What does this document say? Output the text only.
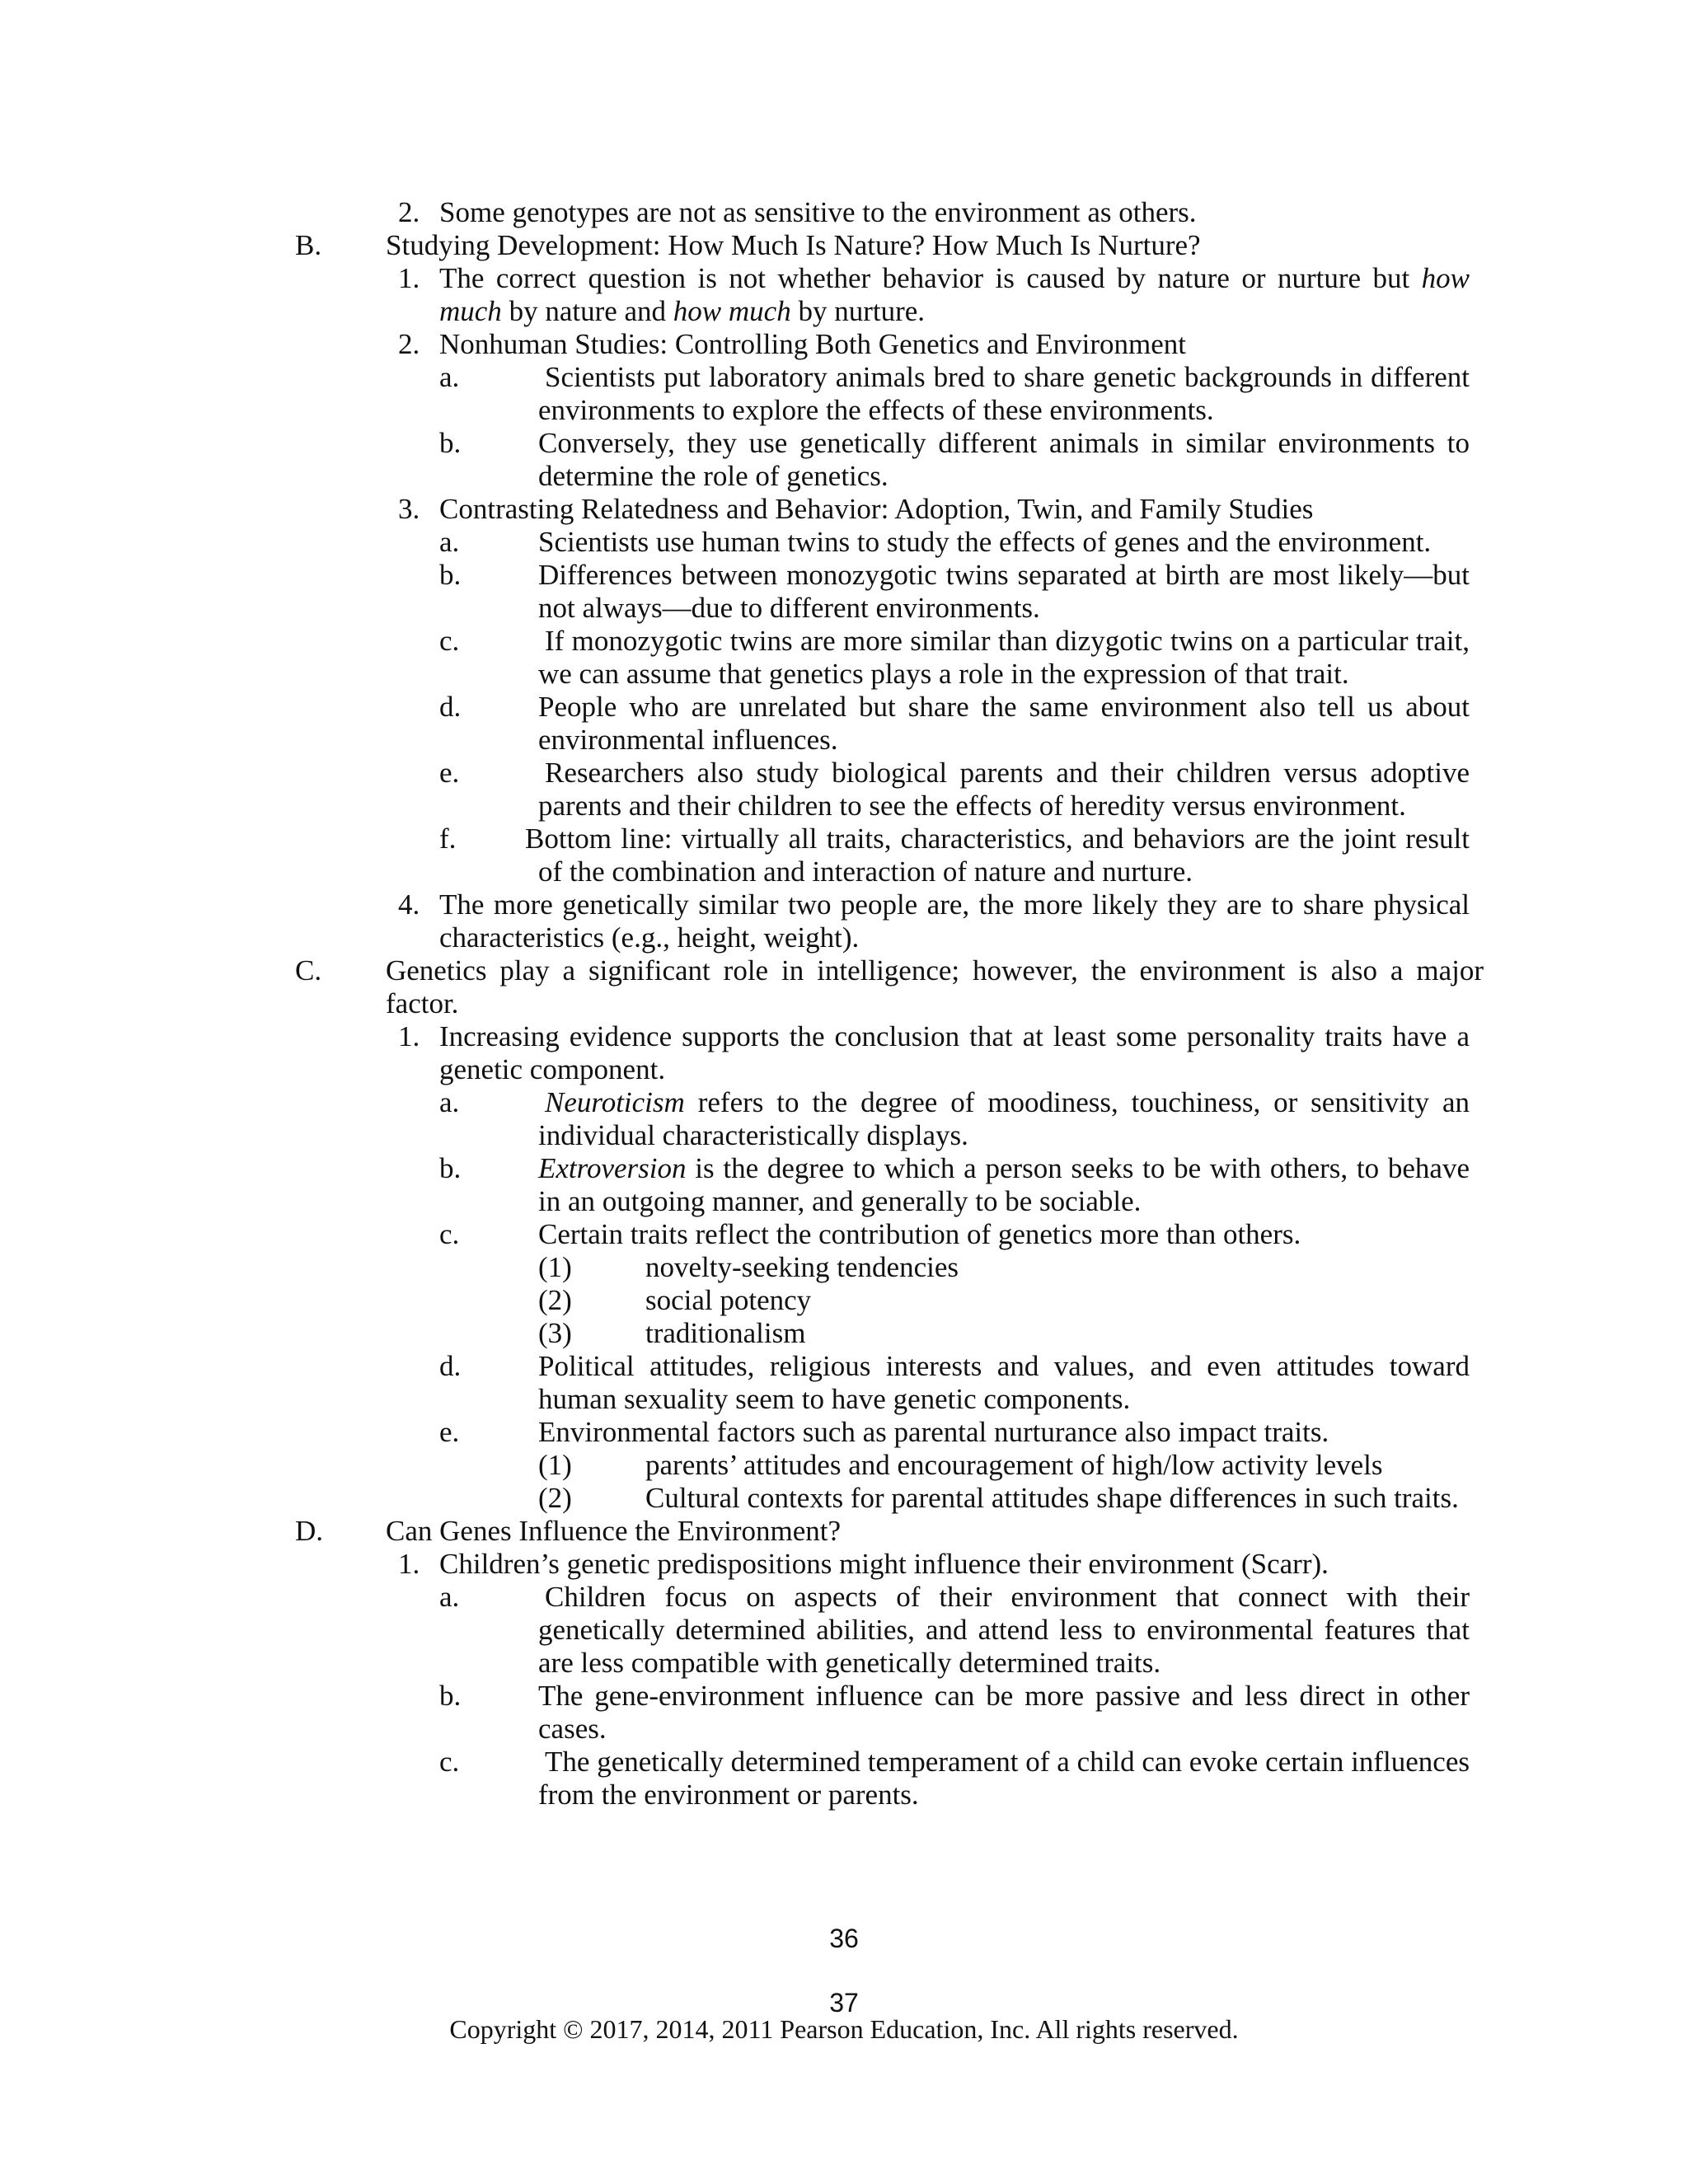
2. Some genotypes are not as sensitive to the environment as others.
B.	Studying Development: How Much Is Nature? How Much Is Nurture?
1. The correct question is not whether behavior is caused by nature or nurture but how much by nature and how much by nurture.
2. Nonhuman Studies: Controlling Both Genetics and Environment
a.	Scientists put laboratory animals bred to share genetic backgrounds in different environments to explore the effects of these environments.
b.	Conversely, they use genetically different animals in similar environments to determine the role of genetics.
3. Contrasting Relatedness and Behavior: Adoption, Twin, and Family Studies
a.	Scientists use human twins to study the effects of genes and the environment.
b.	Differences between monozygotic twins separated at birth are most likely—but not always—due to different environments.
c.	If monozygotic twins are more similar than dizygotic twins on a particular trait, we can assume that genetics plays a role in the expression of that trait.
d.	People who are unrelated but share the same environment also tell us about environmental influences.
e.	Researchers also study biological parents and their children versus adoptive parents and their children to see the effects of heredity versus environment.
f.	Bottom line: virtually all traits, characteristics, and behaviors are the joint result of the combination and interaction of nature and nurture.
4. The more genetically similar two people are, the more likely they are to share physical characteristics (e.g., height, weight).
C.	Genetics play a significant role in intelligence; however, the environment is also a major factor.
1. Increasing evidence supports the conclusion that at least some personality traits have a genetic component.
a.	Neuroticism refers to the degree of moodiness, touchiness, or sensitivity an individual characteristically displays.
b.	Extroversion is the degree to which a person seeks to be with others, to behave in an outgoing manner, and generally to be sociable.
c.	Certain traits reflect the contribution of genetics more than others.
(1)	novelty-seeking tendencies
(2)	social potency
(3)	traditionalism
d.	Political attitudes, religious interests and values, and even attitudes toward human sexuality seem to have genetic components.
e.	Environmental factors such as parental nurturance also impact traits.
(1)	parents’ attitudes and encouragement of high/low activity levels
(2)	Cultural contexts for parental attitudes shape differences in such traits.
D.	Can Genes Influence the Environment?
1. Children’s genetic predispositions might influence their environment (Scarr).
a.	Children focus on aspects of their environment that connect with their genetically determined abilities, and attend less to environmental features that are less compatible with genetically determined traits.
b.	The gene-environment influence can be more passive and less direct in other cases.
c.	The genetically determined temperament of a child can evoke certain influences from the environment or parents.
36
37
Copyright © 2017, 2014, 2011 Pearson Education, Inc. All rights reserved.
